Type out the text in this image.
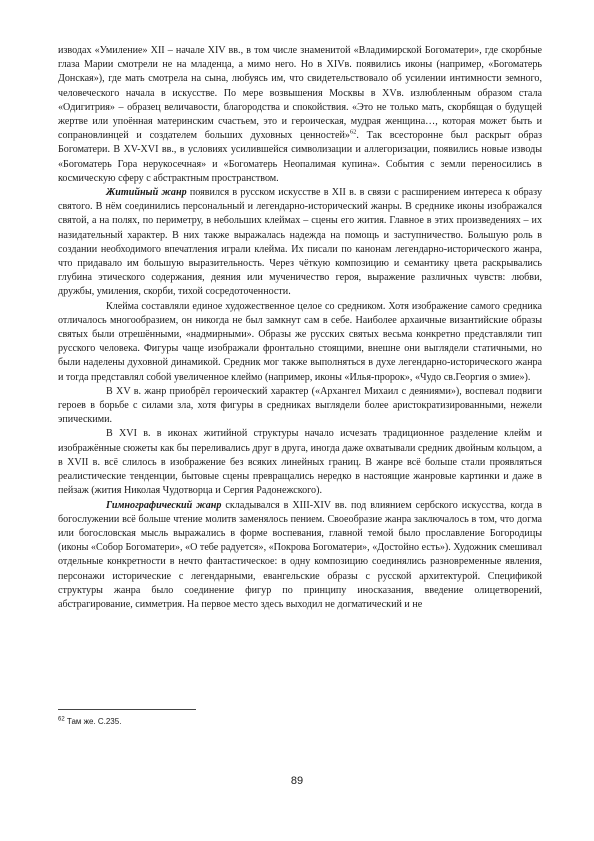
изводах «Умиление» XII – начале XIV вв., в том числе знаменитой «Владимирской Богоматери», где скорбные глаза Марии смотрели не на младенца, а мимо него. Но в XIVв. появились иконы (например, «Богоматерь Донская»), где мать смотрела на сына, любуясь им, что свидетельствовало об усилении интимности земного, человеческого начала в искусстве. По мере возвышения Москвы в XVв. излюбленным образом стала «Одигитрия» – образец величавости, благородства и спокойствия. «Это не только мать, скорбящая о будущей жертве или упоённая материнским счастьем, это и героическая, мудрая женщина…, которая может быть и сопрановлинцей и создателем больших духовных ценностей»$^{62}$. Так всесторонне был раскрыт образ Богоматери. В XV-XVI вв., в условиях усилившейся символизации и аллегоризации, появились новые изводы «Богоматерь Гора нерукосечная» и «Богоматерь Неопалимая купина». События с земли переносились в космическую сферу с абстрактным пространством.

Житийный жанр появился в русском искусстве в XII в. в связи с расширением интереса к образу святого. В нём соединились персональный и легендарно-исторический жанры. В среднике иконы изображался святой, а на полях, по периметру, в небольших клеймах – сцены его жития. Главное в этих произведениях – их назидательный характер. В них также выражалась надежда на помощь и заступничество. Большую роль в создании необходимого впечатления играли клейма. Их писали по канонам легендарно-исторического жанра, что придавало им большую выразительность. Через чёткую композицию и семантику цвета раскрывались глубина этического содержания, деяния или мученичество героя, выражение различных чувств: любви, дружбы, умиления, скорби, тихой сосредоточенности.

Клейма составляли единое художественное целое со средником. Хотя изображение самого средника отличалось многообразием, он никогда не был замкнут сам в себе. Наиболее архаичные византийские образы святых были отрешёнными, «надмирными». Образы же русских святых весьма конкретно представляли тип русского человека. Фигуры чаще изображали фронтально стоящими, внешне они выглядели статичными, но были наделены духовной динамикой. Средник мог также выполняться в духе легендарно-исторического жанра и тогда представлял собой увеличенное клеймо (например, иконы «Илья-пророк», «Чудо св.Георгия о змие»).

В XV в. жанр приобрёл героический характер («Архангел Михаил с деяниями»), воспевал подвиги героев в борьбе с силами зла, хотя фигуры в средниках выглядели более аристократизированными, нежели эпическими.

В XVI в. в иконах житийной структуры начало исчезать традиционное разделение клейм и изображённые сюжеты как бы переливались друг в друга, иногда даже охватывали средник двойным кольцом, а в XVII в. всё слилось в изображение без всяких линейных границ. В жанре всё больше стали проявляться реалистические тенденции, бытовые сцены превращались нередко в настоящие жанровые картинки и даже в пейзаж (жития Николая Чудотворца и Сергия Радонежского).

Гимнографический жанр складывался в XIII-XIV вв. под влиянием сербского искусства, когда в богослужении всё больше чтение молитв заменялось пением. Своеобразие жанра заключалось в том, что догма или богословская мысль выражались в форме воспевания, главной темой было прославление Богородицы (иконы «Собор Богоматери», «О тебе радуется», «Покрова Богоматери», «Достойно есть»). Художник смешивал отдельные конкретности в нечто фантастическое: в одну композицию соединялись разновременные явления, персонажи исторические с легендарными, евангельские образы с русской архитектурой. Спецификой структуры жанра было соединение фигур по принципу иносказания, введение олицетворений, абстрагирование, симметрия. На первое место здесь выходил не догматический и не

$^{62}$ Там же. С.235.
89
